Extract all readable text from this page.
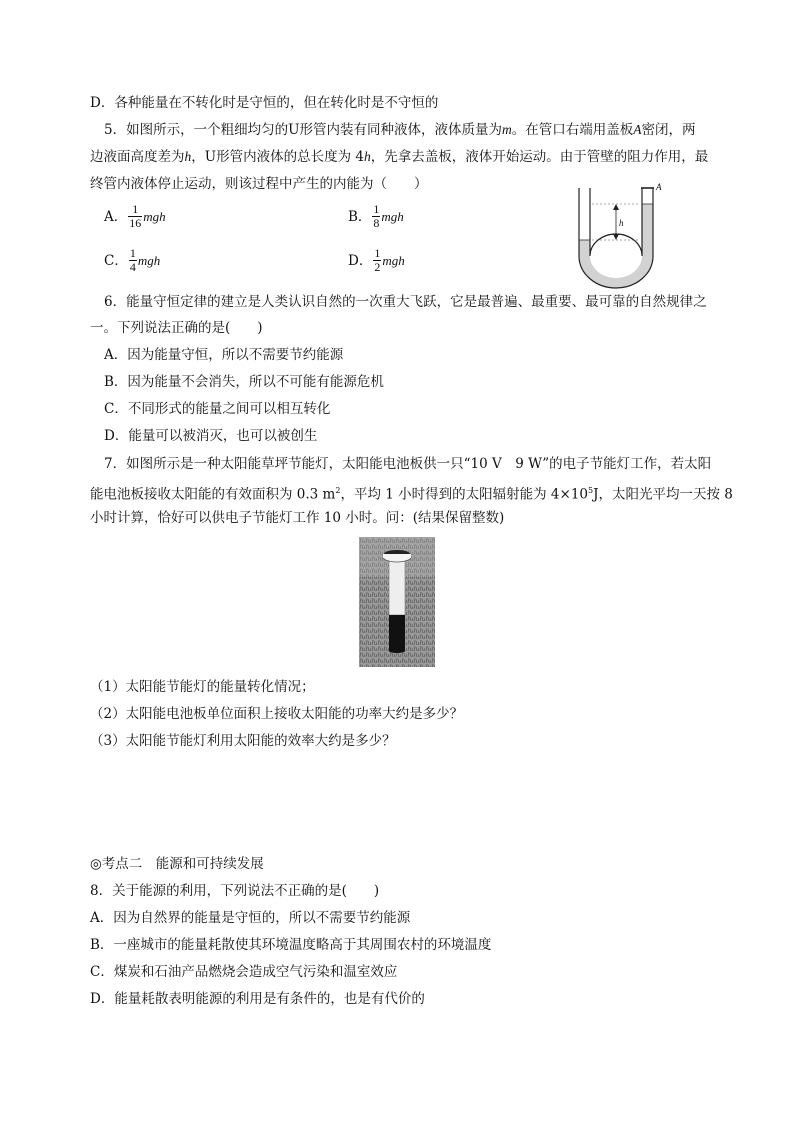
D．各种能量在不转化时是守恒的，但在转化时是不守恒的
5．如图所示，一个粗细均匀的U形管内装有同种液体，液体质量为m。在管口右端用盖板A密闭，两
边液面高度差为h，U形管内液体的总长度为 4h，先拿去盖板，液体开始运动。由于管壁的阻力作用，最
终管内液体停止运动，则该过程中产生的内能为（　　）
A． $\frac{1}{16}$ mgh	B． $\frac{1}{8}$ mgh
C． $\frac{1}{4}$ mgh	D． $\frac{1}{2}$ mgh
h
A
6．能量守恒定律的建立是人类认识自然的一次重大飞跃，它是最普遍、最重要、最可靠的自然规律之
一。下列说法正确的是(　　)
A．因为能量守恒，所以不需要节约能源
B．因为能量不会消失，所以不可能有能源危机
C．不同形式的能量之间可以相互转化
D．能量可以被消灭，也可以被创生
7．如图所示是一种太阳能草坪节能灯，太阳能电池板供一只“10 V　9 W”的电子节能灯工作，若太阳
能电池板接收太阳能的有效面积为 0.3 $m^2$，平均 1 小时得到的太阳辐射能为 $4\times 10^5J$，太阳光平均一天按 8
小时计算，恰好可以供电子节能灯工作 10 小时。问：(结果保留整数)
（1）太阳能节能灯的能量转化情况；
（2）太阳能电池板单位面积上接收太阳能的功率大约是多少？
（3）太阳能节能灯利用太阳能的效率大约是多少？
◎考点二　能源和可持续发展
8．关于能源的利用，下列说法不正确的是(　　)
A．因为自然界的能量是守恒的，所以不需要节约能源
B．一座城市的能量耗散使其环境温度略高于其周围农村的环境温度
C．煤炭和石油产品燃烧会造成空气污染和温室效应
D．能量耗散表明能源的利用是有条件的，也是有代价的
